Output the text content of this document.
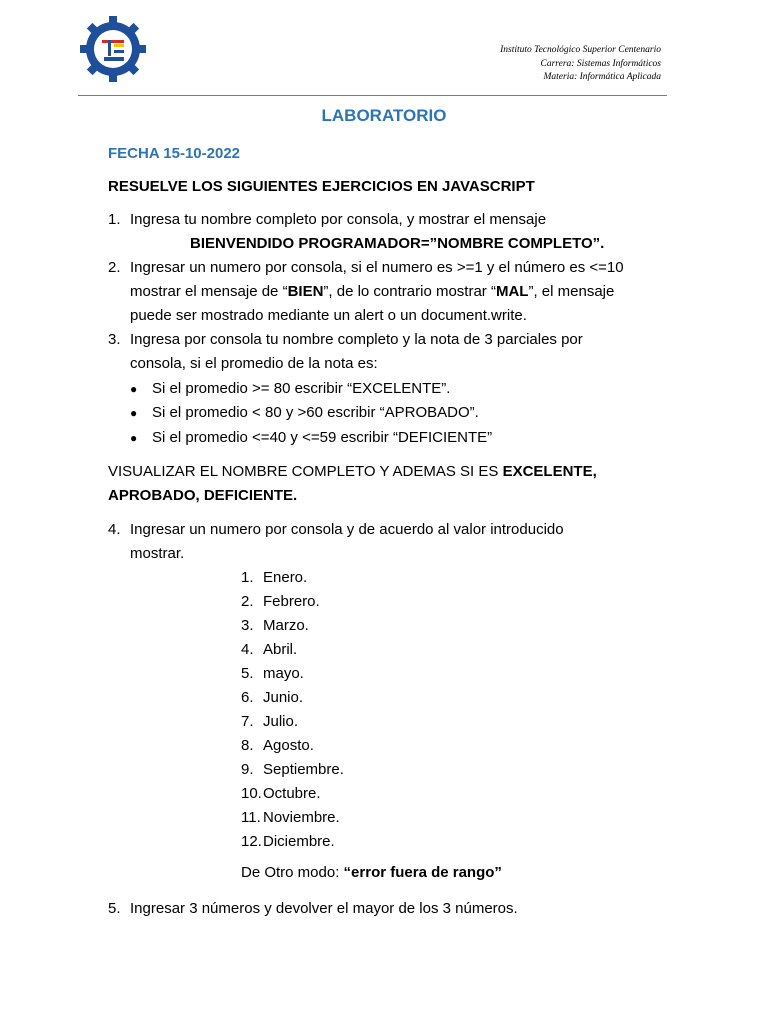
Instituto Tecnológico Superior Centenario
Carrera: Sistemas Informáticos
Materia: Informática Aplicada
LABORATORIO
FECHA 15-10-2022
RESUELVE LOS SIGUIENTES EJERCICIOS EN JAVASCRIPT
1. Ingresa tu nombre completo por consola, y mostrar el mensaje
BIENVENDIDO PROGRAMADOR=”NOMBRE COMPLETO”.
2. Ingresar un numero por consola, si el numero es >=1 y el número es <=10
mostrar el mensaje de “BIEN”, de lo contrario mostrar “MAL”, el mensaje
puede ser mostrado mediante un alert o un document.write.
3. Ingresa por consola tu nombre completo y la nota de 3 parciales por
consola, si el promedio de la nota es:
● Si el promedio >= 80 escribir “EXCELENTE”.
● Si el promedio < 80 y >60 escribir “APROBADO”.
● Si el promedio <=40 y <=59 escribir “DEFICIENTE”
VISUALIZAR EL NOMBRE COMPLETO Y ADEMAS SI ES EXCELENTE,
APROBADO, DEFICIENTE.
4. Ingresar un numero por consola y de acuerdo al valor introducido
mostrar.
1. Enero.
2. Febrero.
3. Marzo.
4. Abril.
5. mayo.
6. Junio.
7. Julio.
8. Agosto.
9. Septiembre.
10.Octubre.
11. Noviembre.
12.Diciembre.
De Otro modo: “error fuera de rango”
5. Ingresar 3 números y devolver el mayor de los 3 números.
